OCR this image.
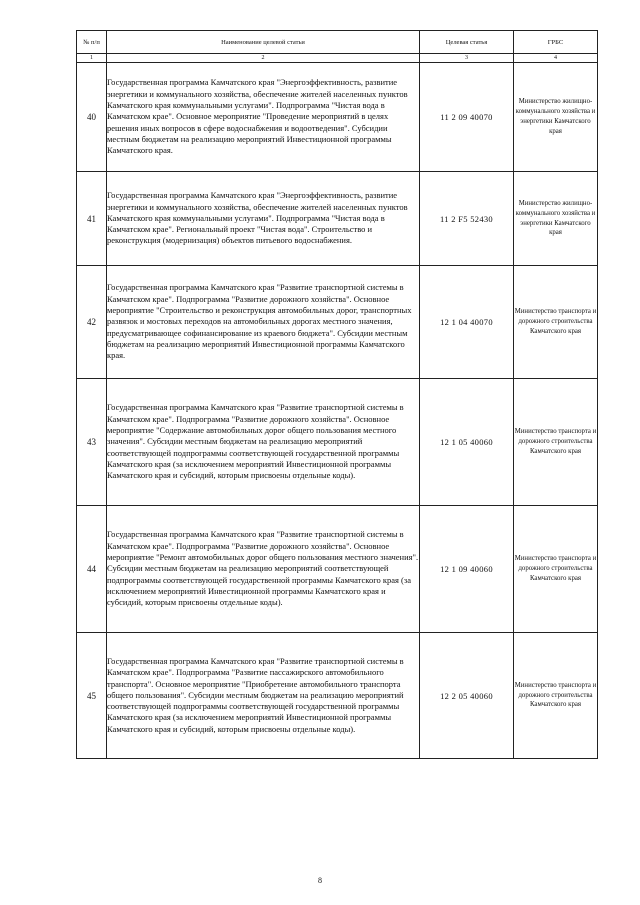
№ п/п	Наименование целевой статьи	Целевая статья	ГРБС
1	2	3	4
40	Государственная программа Камчатского края "Энергоэффективность, развитие энергетики и коммунального хозяйства, обеспечение жителей населенных пунктов Камчатского края коммунальными услугами". Подпрограмма "Чистая вода в Камчатском крае". Основное мероприятие "Проведение мероприятий в целях решения иных вопросов в сфере водоснабжения и водоотведения". Субсидии местным бюджетам на реализацию мероприятий Инвестиционной программы Камчатского края.	11 2 09 40070	Министерство жилищно-коммунального хозяйства и энергетики Камчатского края
41	Государственная программа Камчатского края "Энергоэффективность, развитие энергетики и коммунального хозяйства, обеспечение жителей населенных пунктов Камчатского края коммунальными услугами". Подпрограмма "Чистая вода в Камчатском крае". Региональный проект "Чистая вода". Строительство и реконструкция (модернизация) объектов питьевого водоснабжения.	11 2 F5 52430	Министерство жилищно-коммунального хозяйства и энергетики Камчатского края
42	Государственная программа Камчатского края "Развитие транспортной системы в Камчатском крае". Подпрограмма "Развитие дорожного хозяйства". Основное мероприятие "Строительство и реконструкция автомобильных дорог, транспортных развязок и мостовых переходов на автомобильных дорогах местного значения, предусматривающее софинансирование из краевого бюджета". Субсидии местным бюджетам на реализацию мероприятий Инвестиционной программы Камчатского края.	12 1 04 40070	Министерство транспорта и дорожного строительства Камчатского края
43	Государственная программа Камчатского края "Развитие транспортной системы в Камчатском крае". Подпрограмма "Развитие дорожного хозяйства". Основное мероприятие "Содержание автомобильных дорог общего пользования местного значения". Субсидии местным бюджетам на реализацию мероприятий соответствующей подпрограммы соответствующей государственной программы Камчатского края (за исключением мероприятий Инвестиционной программы Камчатского края и субсидий, которым присвоены отдельные коды).	12 1 05 40060	Министерство транспорта и дорожного строительства Камчатского края
44	Государственная программа Камчатского края "Развитие транспортной системы в Камчатском крае". Подпрограмма "Развитие дорожного хозяйства". Основное мероприятие "Ремонт автомобильных дорог общего пользования местного значения". Субсидии местным бюджетам на реализацию мероприятий соответствующей подпрограммы соответствующей государственной программы Камчатского края (за исключением мероприятий Инвестиционной программы Камчатского края и субсидий, которым присвоены отдельные коды).	12 1 09 40060	Министерство транспорта и дорожного строительства Камчатского края
45	Государственная программа Камчатского края "Развитие транспортной системы в Камчатском крае". Подпрограмма "Развитие пассажирского автомобильного транспорта". Основное мероприятие "Приобретение автомобильного транспорта общего пользования". Субсидии местным бюджетам на реализацию мероприятий соответствующей подпрограммы соответствующей государственной программы Камчатского края (за исключением мероприятий Инвестиционной программы Камчатского края и субсидий, которым присвоены отдельные коды).	12 2 05 40060	Министерство транспорта и дорожного строительства Камчатского края
8
